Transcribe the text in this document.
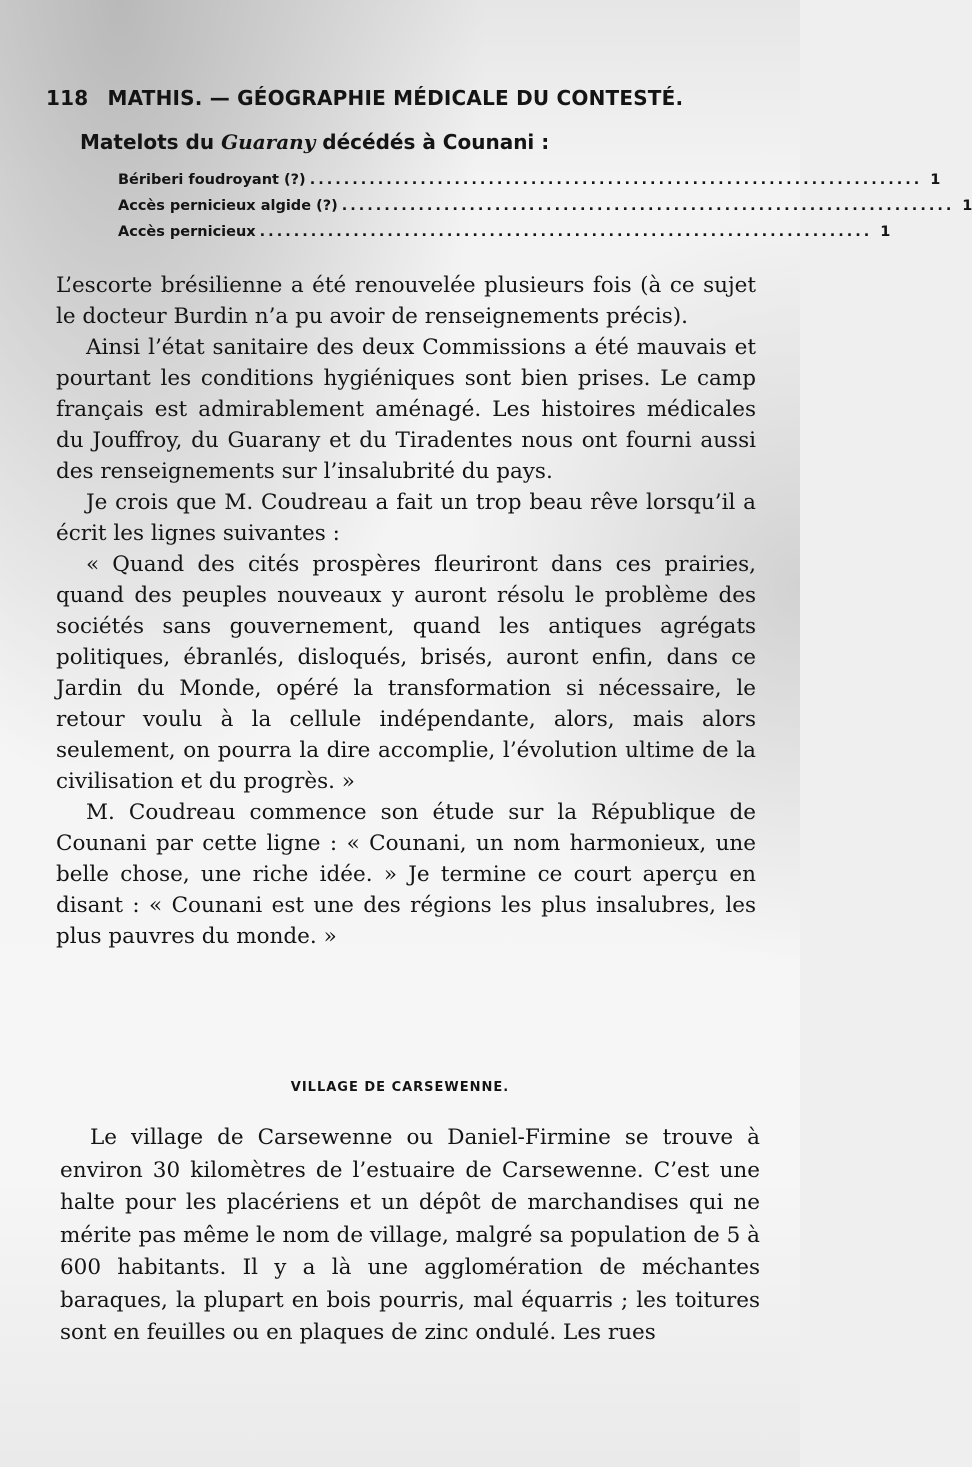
118 MATHIS. — GÉOGRAPHIE MÉDICALE DU CONTESTÉ.
Matelots du Guarany décédés à Counani :
Bériberi foudroyant (?) ........................................................................ 1
Accès pernicieux algide (?) ........................................................................ 1
Accès pernicieux ........................................................................ 1

L’escorte brésilienne a été renouvelée plusieurs fois (à ce sujet le docteur Burdin n’a pu avoir de renseignements précis).

Ainsi l’état sanitaire des deux Commissions a été mauvais et pourtant les conditions hygiéniques sont bien prises. Le camp français est admirablement aménagé. Les histoires médicales du Jouffroy, du Guarany et du Tiradentes nous ont fourni aussi des renseignements sur l’insalubrité du pays.

Je crois que M. Coudreau a fait un trop beau rêve lorsqu’il a écrit les lignes suivantes :

« Quand des cités prospères fleuriront dans ces prairies, quand des peuples nouveaux y auront résolu le problème des sociétés sans gouvernement, quand les antiques agrégats politiques, ébranlés, disloqués, brisés, auront enfin, dans ce Jardin du Monde, opéré la transformation si nécessaire, le retour voulu à la cellule indépendante, alors, mais alors seulement, on pourra la dire accomplie, l’évolution ultime de la civilisation et du progrès. »

M. Coudreau commence son étude sur la République de Counani par cette ligne : « Counani, un nom harmonieux, une belle chose, une riche idée. » Je termine ce court aperçu en disant : « Counani est une des régions les plus insalubres, les plus pauvres du monde. »

VILLAGE DE CARSEWENNE.

Le village de Carsewenne ou Daniel-Firmine se trouve à environ 30 kilomètres de l’estuaire de Carsewenne. C’est une halte pour les placériens et un dépôt de marchandises qui ne mérite pas même le nom de village, malgré sa population de 5 à 600 habitants. Il y a là une agglomération de méchantes baraques, la plupart en bois pourris, mal équarris ; les toitures sont en feuilles ou en plaques de zinc ondulé. Les rues
